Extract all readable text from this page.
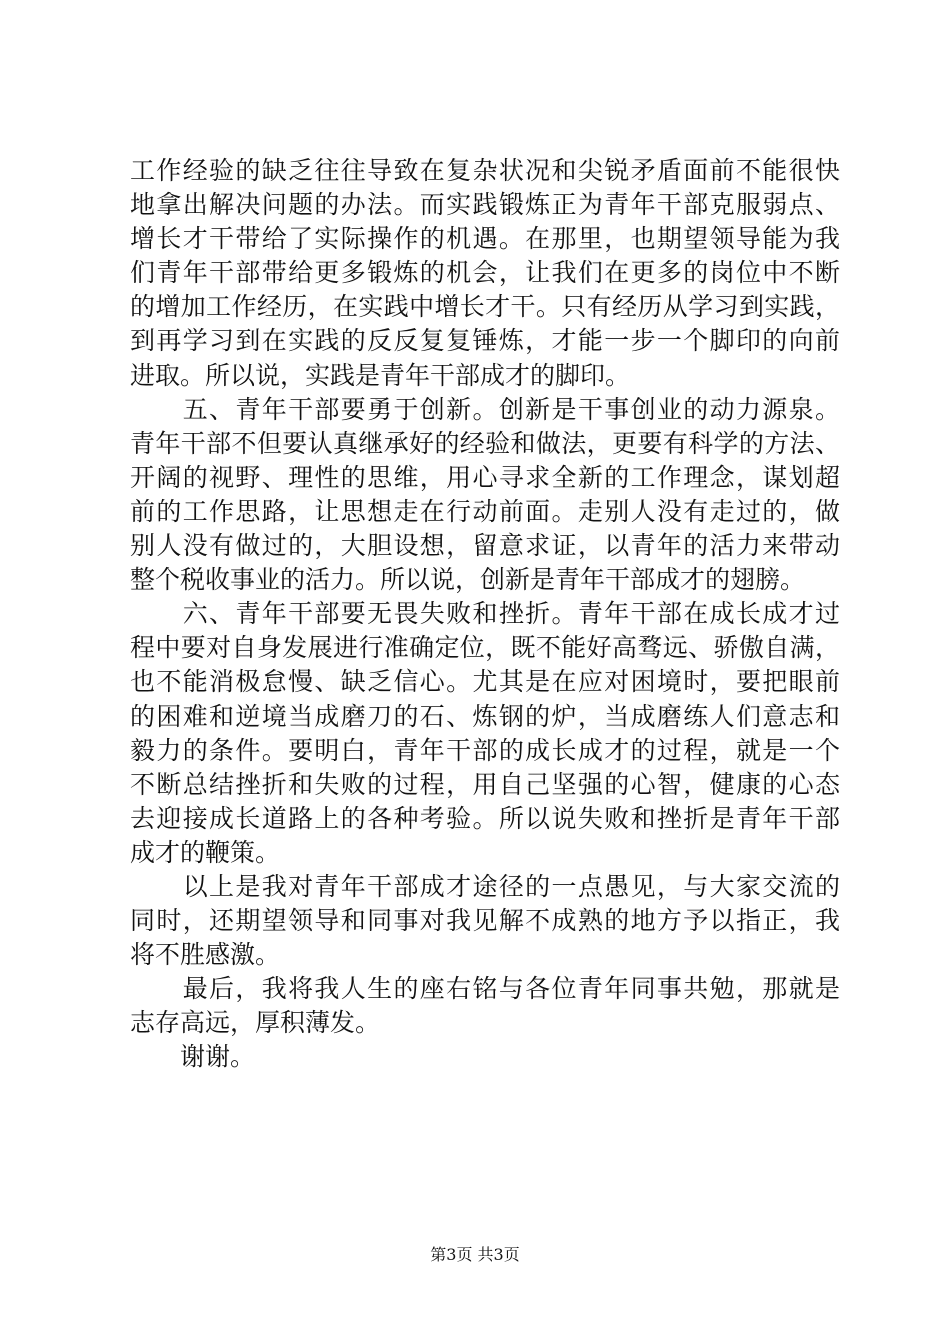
工作经验的缺乏往往导致在复杂状况和尖锐矛盾面前不能很快
地拿出解决问题的办法。而实践锻炼正为青年干部克服弱点、
增长才干带给了实际操作的机遇。在那里，也期望领导能为我
们青年干部带给更多锻炼的机会，让我们在更多的岗位中不断
的增加工作经历，在实践中增长才干。只有经历从学习到实践，
到再学习到在实践的反反复复锤炼，才能一步一个脚印的向前
进取。所以说，实践是青年干部成才的脚印。
　　五、青年干部要勇于创新。创新是干事创业的动力源泉。
青年干部不但要认真继承好的经验和做法，更要有科学的方法、
开阔的视野、理性的思维，用心寻求全新的工作理念，谋划超
前的工作思路，让思想走在行动前面。走别人没有走过的，做
别人没有做过的，大胆设想，留意求证，以青年的活力来带动
整个税收事业的活力。所以说，创新是青年干部成才的翅膀。
　　六、青年干部要无畏失败和挫折。青年干部在成长成才过
程中要对自身发展进行准确定位，既不能好高骛远、骄傲自满，
也不能消极怠慢、缺乏信心。尤其是在应对困境时，要把眼前
的困难和逆境当成磨刀的石、炼钢的炉，当成磨练人们意志和
毅力的条件。要明白，青年干部的成长成才的过程，就是一个
不断总结挫折和失败的过程，用自己坚强的心智，健康的心态
去迎接成长道路上的各种考验。所以说失败和挫折是青年干部
成才的鞭策。
　　以上是我对青年干部成才途径的一点愚见，与大家交流的
同时，还期望领导和同事对我见解不成熟的地方予以指正，我
将不胜感激。
　　最后，我将我人生的座右铭与各位青年同事共勉，那就是
志存高远，厚积薄发。
　　谢谢。
第3页 共3页
